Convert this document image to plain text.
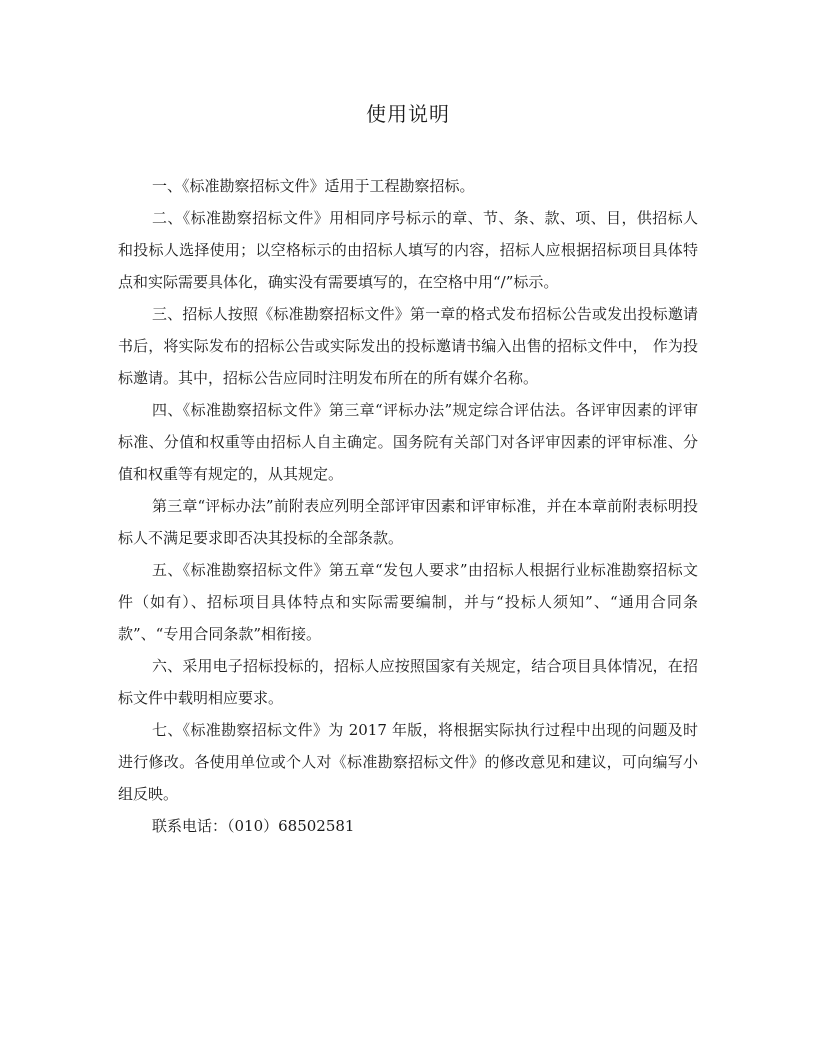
使用说明

一、《标准勘察招标文件》适用于工程勘察招标。

二、《标准勘察招标文件》用相同序号标示的章、节、条、款、项、目，供招标人和投标人选择使用；以空格标示的由招标人填写的内容，招标人应根据招标项目具体特点和实际需要具体化，确实没有需要填写的，在空格中用“/”标示。

三、招标人按照《标准勘察招标文件》第一章的格式发布招标公告或发出投标邀请书后，将实际发布的招标公告或实际发出的投标邀请书编入出售的招标文件中， 作为投标邀请。其中，招标公告应同时注明发布所在的所有媒介名称。

四、《标准勘察招标文件》第三章“评标办法”规定综合评估法。各评审因素的评审标准、分值和权重等由招标人自主确定。国务院有关部门对各评审因素的评审标准、分值和权重等有规定的，从其规定。

第三章“评标办法”前附表应列明全部评审因素和评审标准，并在本章前附表标明投标人不满足要求即否决其投标的全部条款。

五、《标准勘察招标文件》第五章“发包人要求”由招标人根据行业标准勘察招标文件（如有）、招标项目具体特点和实际需要编制，并与“投标人须知”、“通用合同条款”、“专用合同条款”相衔接。

六、采用电子招标投标的，招标人应按照国家有关规定，结合项目具体情况，在招标文件中载明相应要求。

七、《标准勘察招标文件》为 2017 年版，将根据实际执行过程中出现的问题及时进行修改。各使用单位或个人对《标准勘察招标文件》的修改意见和建议，可向编写小组反映。

联系电话：（010）68502581
